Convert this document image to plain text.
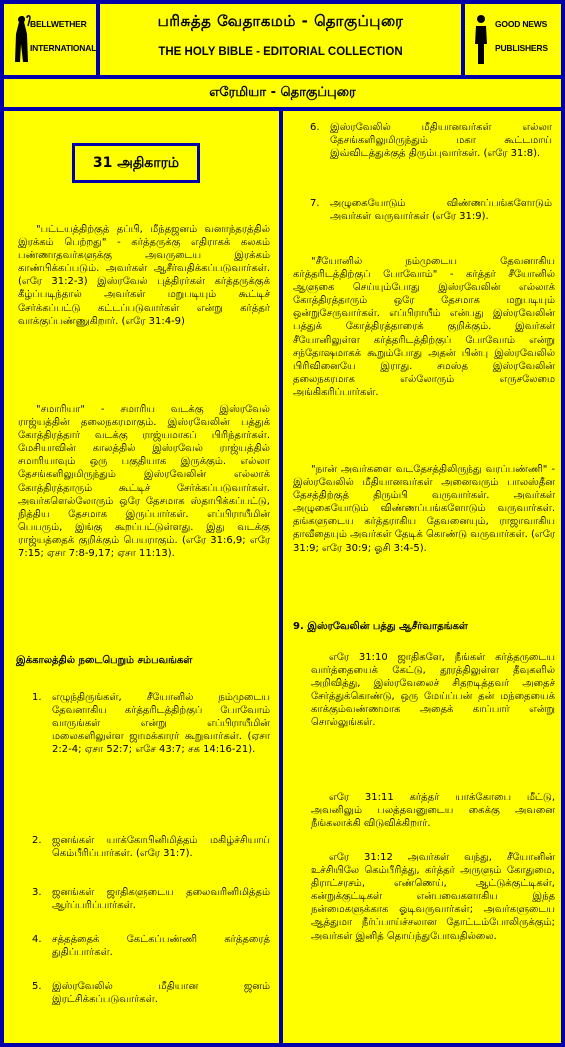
BELLWETHER
INTERNATIONAL
பரிசுத்த வேதாகமம் - தொகுப்புரை
THE HOLY BIBLE - EDITORIAL COLLECTION
GOOD NEWS
PUBLISHERS
எரேமியா - தொகுப்புரை
31 அதிகாரம்
"பட்டயத்திற்குத் தப்பி, மீந்தஜனம் வனாந்தரத்தில் இரக்கம் பெற்றது" - கர்த்தருக்கு எதிராகக் கலகம் பண்ணாதவர்களுக்கு அவருடைய இரக்கம் காண்பிக்கப்படும். அவர்கள் ஆசீர்வதிக்கப்படுவார்கள். (எரே 31:2-3) இஸ்ரவேல் புத்திரர்கள் கர்த்தருக்குக் கீழ்ப்படிந்தால் அவர்கள் மறுபடியும் கூட்டிச் சேர்க்கப்பட்டு கட்டப்படுவார்கள் என்று கர்த்தர் வாக்குப்பண்ணுகிறார். (எரே 31:4-9)
"சமாரியா" - சமாரிய வடக்கு இஸ்ரவேல் ராஜ்யத்தின் தலைநகரமாகும். இஸ்ரவேலின் பத்துக் கோத்திரத்தார் வடக்கு ராஜ்யமாகப் பிரிந்தார்கள். மேசியாவின் காலத்தில் இஸ்ரவேல் ராஜ்யத்தில் சமாரியாவும் ஒரு பகுதியாக இருக்கும். எல்லா தேசங்களிலுமிருந்தும் இஸ்ரவேலின் எல்லாக் கோத்திரத்தாரும் கூட்டிச் சேர்க்கப்படுவார்கள். அவர்களெல்லோரும் ஒரே தேசமாக ஸ்தாபிக்கப்பட்டு, நித்திய தேசமாக இருப்பார்கள். எப்பிராயீமின் பெயரும், இங்கு கூறப்பட்டுள்ளது. இது வடக்கு ராஜ்யத்தைக் குறிக்கும் பெயராகும். (எரே 31:6,9; எரே 7:15; ஏசா 7:8-9,17; ஏசா 11:13).
இக்காலத்தில் நடைபெறும் சம்பவங்கள்
1. எழுந்திருங்கள், சீயோனில் நம்முடைய தேவனாகிய கர்த்தரிடத்திற்குப் போவோம் வாருங்கள் என்று எப்பிராயீமின் மலைகளிலுள்ள ஜாமக்காரர் கூறுவார்கள். (ஏசா 2:2-4; ஏசா 52:7; எசே 43:7; சக 14:16-21).
2. ஜனங்கள் யாக்கோபினிமித்தம் மகிழ்ச்சியாய் கெம்பீரிப்பார்கள். (எரே 31:7).
3. ஜனங்கள் ஜாதிகளுடைய தலைவரினிமித்தம் ஆர்ப்பரிப்பார்கள்.
4. சத்தத்தைக் கேட்கப்பண்ணி கர்த்தரைத் துதிப்பார்கள்.
5. இஸ்ரவேலில் மீதியான ஜனம் இரட்சிக்கப்படுவார்கள்.
6. இஸ்ரவேலில் மீதியானவர்கள் எல்லா தேசங்களிலுமிருந்தும் மகா கூட்டமாய் இவ்விடத்துக்குத் திரும்புவார்கள். (எரே 31:8).
7. அழுகையோடும் விண்ணப்பங்களோடும் அவர்கள் வருவார்கள் (எரே 31:9).
"சீயோனில் நம்முடைய தேவனாகிய கர்த்தரிடத்திற்குப் போவோம்" - கர்த்தர் சீயோனில் ஆளுகை செய்யும்போது இஸ்ரவேலின் எல்லாக் கோத்திரத்தாரும் ஒரே தேசமாக மறுபடியும் ஒன்றுசேருவார்கள். எப்பிராயீம் என்பது இஸ்ரவேலின் பத்துக் கோத்திரத்தாரைக் குறிக்கும். இவர்கள் சீயோனிலுள்ள கர்த்தரிடத்திற்குப் போவோம் என்று சந்தோஷமாகக் கூறும்போது அதன் பின்பு இஸ்ரவேலில் பிரிவினையே இராது. சமஸ்த இஸ்ரவேலின் தலைநகரமாக எல்லோரும் எருசலேமை அங்கிகரிப்பார்கள்.
"நான் அவர்களை வடதேசத்திலிருந்து வரப்பண்ணி" - இஸ்ரவேலில் மீதியானவர்கள் அனைவரும் பாலஸ்தீன தேசத்திற்குத் திரும்பி வருவார்கள். அவர்கள் அழுகையோடும் விண்ணப்பங்களோடும் வருவார்கள். தங்களுடைய கர்த்தராகிய தேவனையும், ராஜாவாகிய தாவீதையும் அவர்கள் தேடிக் கொண்டு வருவார்கள். (எரே 31:9; எரே 30:9; ஓசி 3:4-5).
9. இஸ்ரவேலின் பத்து ஆசீர்வாதங்கள்
எரே 31:10 ஜாதிகளே, நீங்கள் கர்த்தருடைய வார்த்தையைக் கேட்டு, தூரத்திலுள்ள தீவுகளில் அறிவித்து, இஸ்ரவேலைச் சிதறடித்தவர் அதைச் சேர்த்துக்கொண்டு, ஒரு மேய்ப்பன் தன் மந்தையைக் காக்கும்வண்ணமாக அதைக் காப்பார் என்று சொல்லுங்கள்.
எரே 31:11 கர்த்தர் யாக்கோபை மீட்டு, அவனிலும் பலத்தவனுடைய கைக்கு அவனை நீங்கலாக்கி விடுவிக்கிறார்.
எரே 31:12 அவர்கள் வந்து, சீயோனின் உச்சியிலே கெம்பீரித்து, கர்த்தர் அருளும் கோதுமை, திராட்சரசம், எண்ணெய், ஆட்டுக்குட்டிகள், கன்றுக்குட்டிகள் என்பவைகளாகிய இந்த நன்மைகளுக்காக ஓடிவருவார்கள்; அவர்களுடைய ஆத்துமா நீர்ப்பாய்ச்சலான தோட்டம்போலிருக்கும்; அவர்கள் இனித் தொய்ந்துபோவதில்லை.
